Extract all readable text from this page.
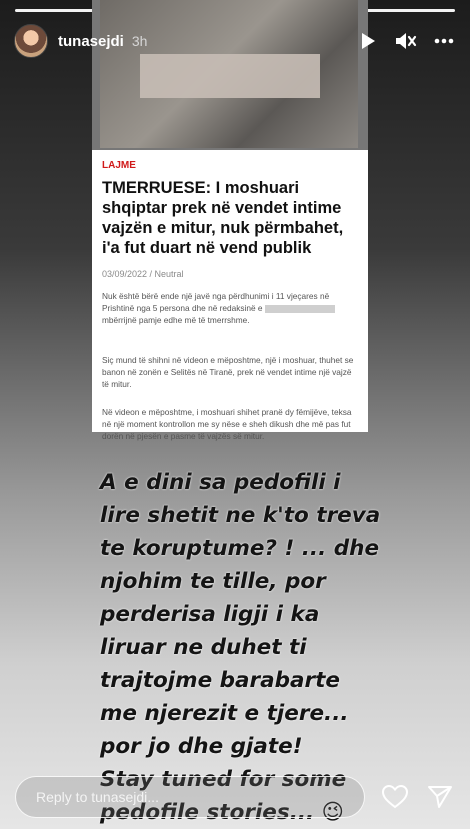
LAJME
TMERRUESE: I moshuari shqiptar prek në vendet intime vajzën e mitur, nuk përmbahet, i'a fut duart në vend publik
03/09/2022 / Neutral
Nuk është bërë ende një javë nga përdhunimi i 11 vjeçares në Prishtinë nga 5 persona dhe në redaksinë e  mbërrijnë pamje edhe më të tmerrshme.
Siç mund të shihni në videon e mëposhtme, një i moshuar, thuhet se banon në zonën e Selitës në Tiranë, prek në vendet intime një vajzë të mitur.
Në videon e mëposhtme, i moshuari shihet pranë dy fëmijëve, teksa në një moment kontrollon me sy nëse e sheh dikush dhe më pas fut dorën në pjesën e pasme të vajzës së mitur.
tunasejdi 3h
A e dini sa pedofili i
lire shetit ne k'to treva
te koruptume? ! ... dhe
njohim te tille, por
perderisa ligji i ka
liruar ne duhet ti
trajtojme barabarte
me njerezit e tjere...
por jo dhe gjate!
Stay tuned for some
pedofile stories... 😉
Reply to tunasejdi...
